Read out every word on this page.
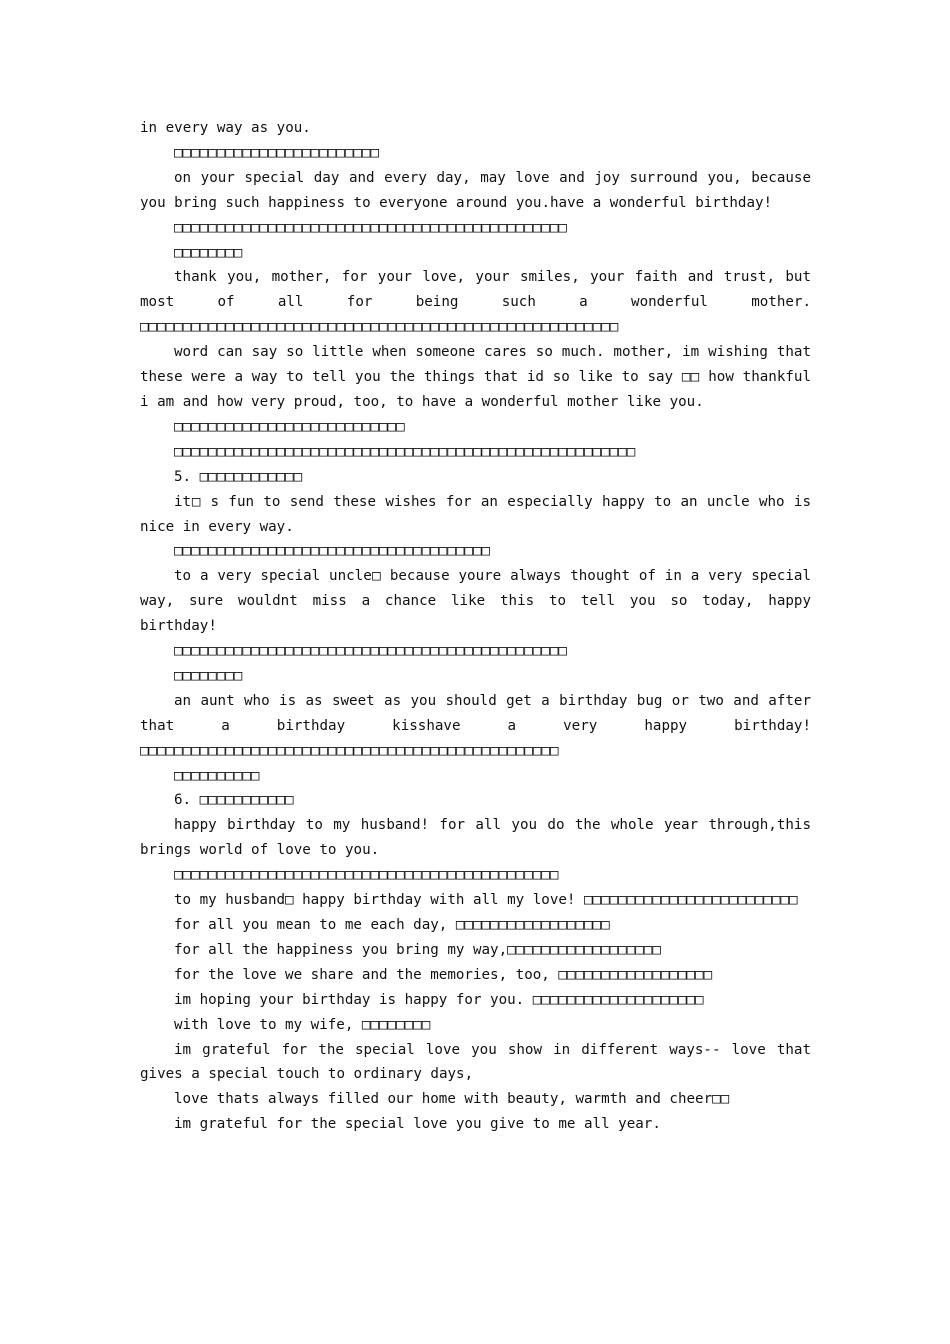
in every way as you.

□□□□□□□□□□□□□□□□□□□□□□□□

on your special day and every day, may love and joy surround you, because you bring such happiness to everyone around you.have a wonderful birthday!

□□□□□□□□□□□□□□□□□□□□□□□□□□□□□□□□□□□□□□□□□□□□□□

□□□□□□□□

thank you, mother, for your love, your smiles, your faith and trust, but most of all for being such a wonderful mother. □□□□□□□□□□□□□□□□□□□□□□□□□□□□□□□□□□□□□□□□□□□□□□□□□□□□□□□□

word can say so little when someone cares so much. mother, im wishing that these were a way to tell you the things that id so like to say □□ how thankful i am and how very proud, too, to have a wonderful mother like you.

□□□□□□□□□□□□□□□□□□□□□□□□□□□

□□□□□□□□□□□□□□□□□□□□□□□□□□□□□□□□□□□□□□□□□□□□□□□□□□□□□□

5. □□□□□□□□□□□□

it□ s fun to send these wishes for an especially happy to an uncle who is nice in every way.

□□□□□□□□□□□□□□□□□□□□□□□□□□□□□□□□□□□□□

to a very special uncle□ because youre always thought of in a very special way, sure wouldnt miss a chance like this to tell you so today, happy birthday!

□□□□□□□□□□□□□□□□□□□□□□□□□□□□□□□□□□□□□□□□□□□□□□

□□□□□□□□

an aunt who is as sweet as you should get a birthday bug or two and after that a birthday kisshave a very happy birthday! □□□□□□□□□□□□□□□□□□□□□□□□□□□□□□□□□□□□□□□□□□□□□□□□□

□□□□□□□□□□

6. □□□□□□□□□□□

happy birthday to my husband! for all you do the whole year through,this brings world of love to you.

□□□□□□□□□□□□□□□□□□□□□□□□□□□□□□□□□□□□□□□□□□□□□

to my husband□ happy birthday with all my love! □□□□□□□□□□□□□□□□□□□□□□□□□

for all you mean to me each day, □□□□□□□□□□□□□□□□□□

for all the happiness you bring my way,□□□□□□□□□□□□□□□□□□

for the love we share and the memories, too, □□□□□□□□□□□□□□□□□□

im hoping your birthday is happy for you. □□□□□□□□□□□□□□□□□□□□

with love to my wife, □□□□□□□□

im grateful for the special love you show in different ways-- love that gives a special touch to ordinary days,

love thats always filled our home with beauty, warmth and cheer□□

im grateful for the special love you give to me all year.
